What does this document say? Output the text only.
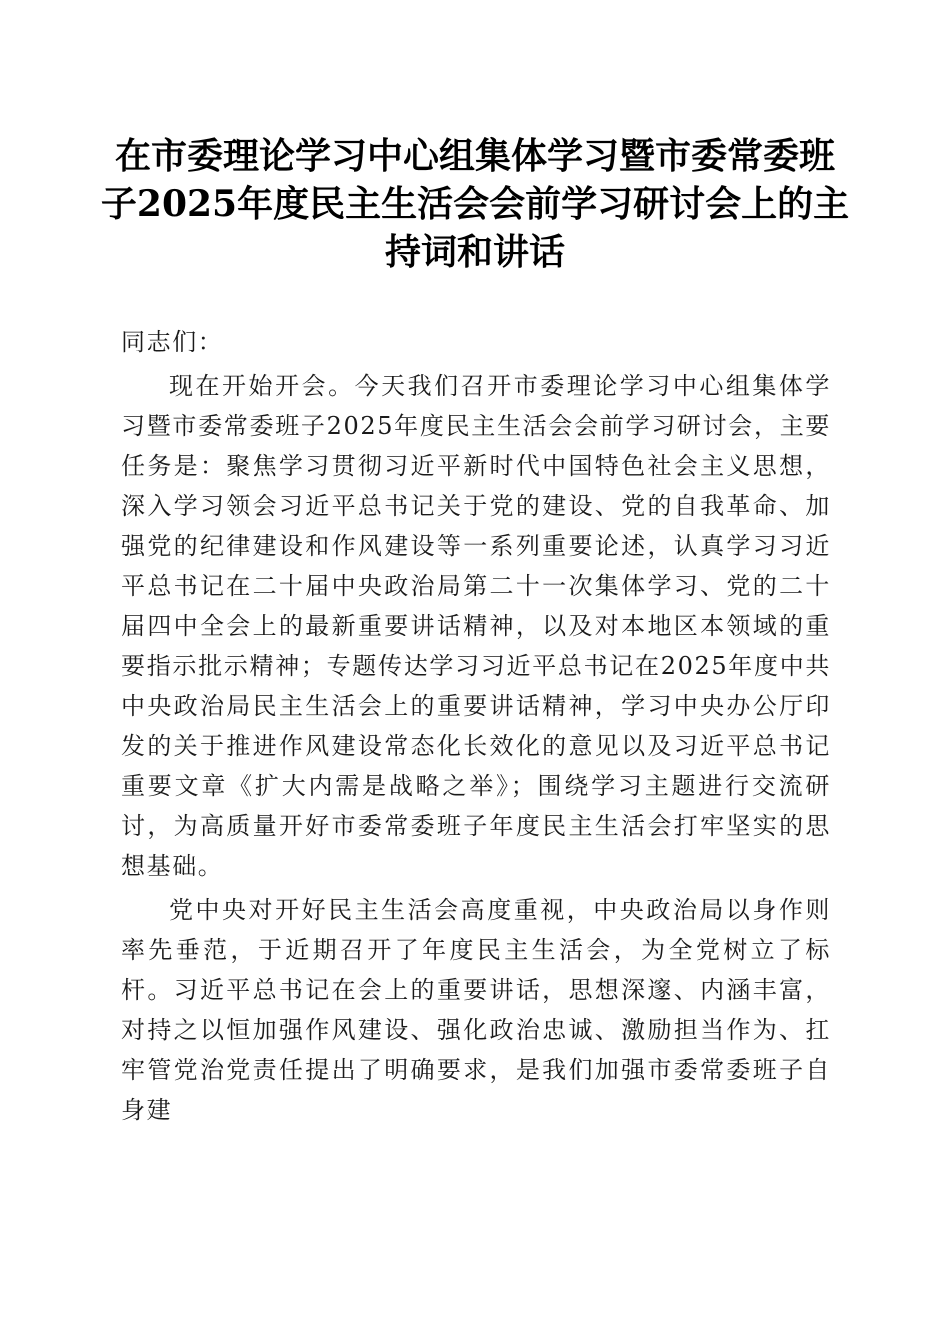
在市委理论学习中心组集体学习暨市委常委班子2025年度民主生活会会前学习研讨会上的主持词和讲话

同志们：

现在开始开会。今天我们召开市委理论学习中心组集体学习暨市委常委班子2025年度民主生活会会前学习研讨会，主要任务是：聚焦学习贯彻习近平新时代中国特色社会主义思想，深入学习领会习近平总书记关于党的建设、党的自我革命、加强党的纪律建设和作风建设等一系列重要论述，认真学习习近平总书记在二十届中央政治局第二十一次集体学习、党的二十届四中全会上的最新重要讲话精神，以及对本地区本领域的重要指示批示精神；专题传达学习习近平总书记在2025年度中共中央政治局民主生活会上的重要讲话精神，学习中央办公厅印发的关于推进作风建设常态化长效化的意见以及习近平总书记重要文章《扩大内需是战略之举》；围绕学习主题进行交流研讨，为高质量开好市委常委班子年度民主生活会打牢坚实的思想基础。

党中央对开好民主生活会高度重视，中央政治局以身作则率先垂范，于近期召开了年度民主生活会，为全党树立了标杆。习近平总书记在会上的重要讲话，思想深邃、内涵丰富，对持之以恒加强作风建设、强化政治忠诚、激励担当作为、扛牢管党治党责任提出了明确要求，是我们加强市委常委班子自身建
